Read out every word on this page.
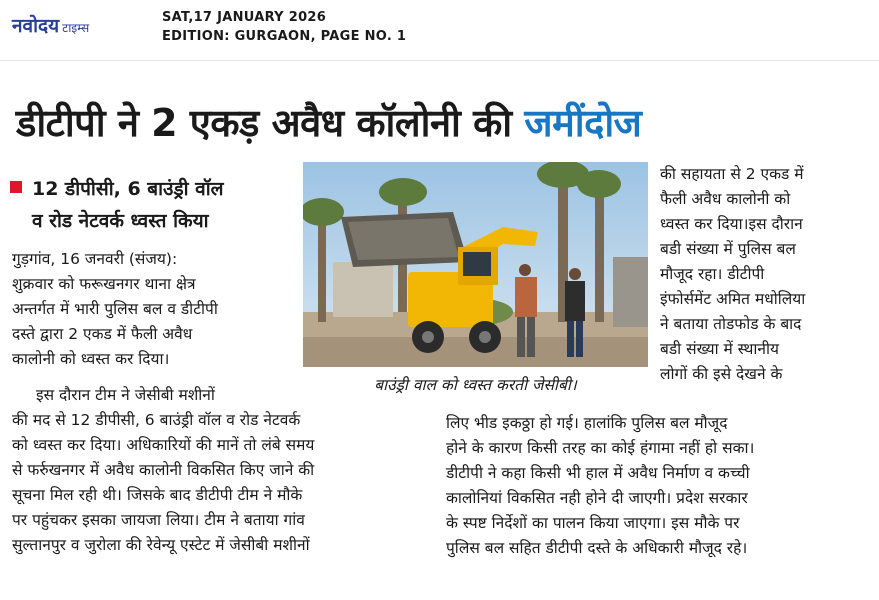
नवोदय टाइम्स
SAT,17 JANUARY 2026
EDITION: GURGAON, PAGE NO. 1
डीटीपी ने 2 एकड़ अवैध कॉलोनी की जमींदोज
12 डीपीसी, 6 बाउंड्री वॉल
व रोड नेटवर्क ध्वस्त किया
गुड़गांव, 16 जनवरी (संजय):

शुक्रवार को फरूखनगर थाना क्षेत्र

अन्तर्गत में भारी पुलिस बल व डीटीपी

दस्ते द्वारा 2 एकड में फैली अवैध

कालोनी को ध्वस्त कर दिया।

बाउंड्री वाल को ध्वस्त करती जेसीबी।

की सहायता से 2 एकड में

फैली अवैध कालोनी को

ध्वस्त कर दिया।इस दौरान

बडी संख्या में पुलिस बल

मौजूद रहा। डीटीपी

इंफोर्समेंट अमित मधोलिया

ने बताया तोडफोड के बाद

बडी संख्या में स्थानीय

लोगों की इसे देखने के

इस दौरान टीम ने जेसीबी मशीनों

की मद से 12 डीपीसी, 6 बाउंड्री वॉल व रोड नेटवर्क

को ध्वस्त कर दिया। अधिकारियों की मानें तो लंबे समय

से फर्रुखनगर में अवैध कालोनी विकसित किए जाने की

सूचना मिल रही थी। जिसके बाद डीटीपी टीम ने मौके

पर पहुंचकर इसका जायजा लिया। टीम ने बताया गांव

सुल्तानपुर व जुरोला की रेवेन्यू एस्टेट में जेसीबी मशीनों

लिए भीड इकठ्ठा हो गई। हालांकि पुलिस बल मौजूद

होने के कारण किसी तरह का कोई हंगामा नहीं हो सका।

डीटीपी ने कहा किसी भी हाल में अवैध निर्माण व कच्ची

कालोनियां विकसित नही होने दी जाएगी। प्रदेश सरकार

के स्पष्ट निर्देशों का पालन किया जाएगा। इस मौके पर

पुलिस बल सहित डीटीपी दस्ते के अधिकारी मौजूद रहे।
